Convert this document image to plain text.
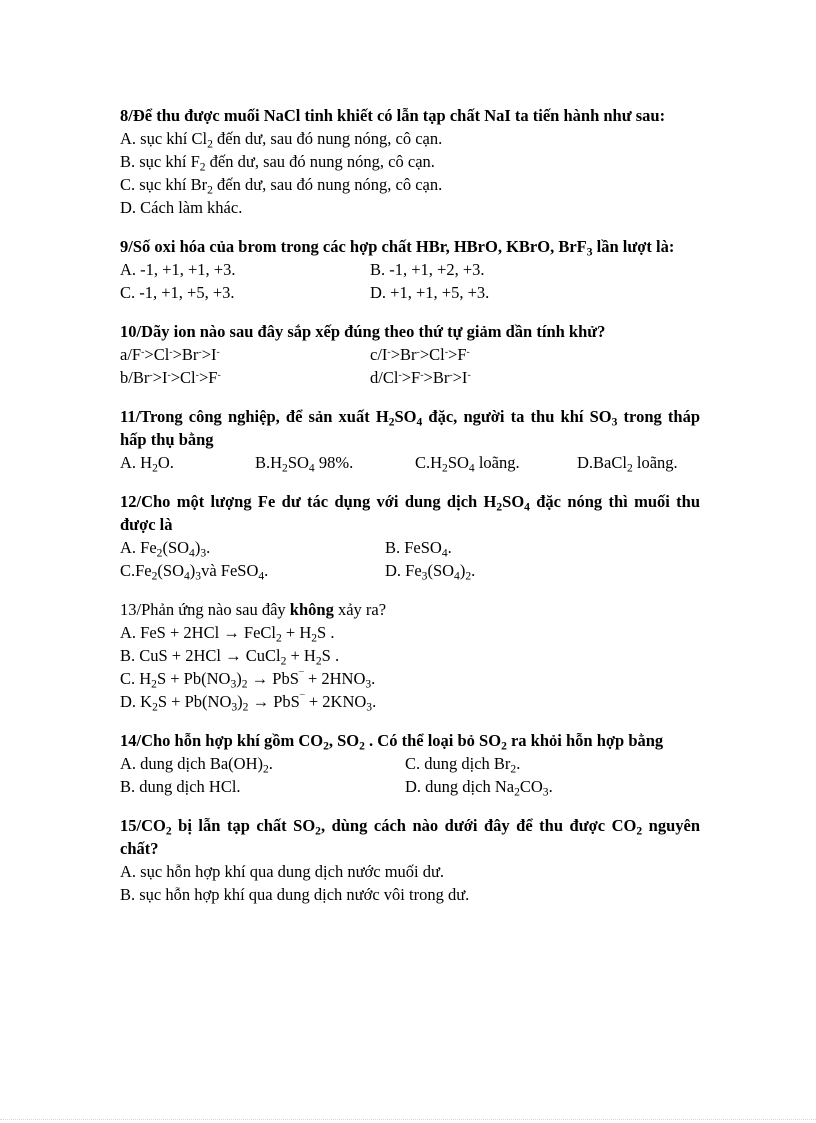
8/Để thu được muối NaCl tinh khiết có lẫn tạp chất NaI ta tiến hành như sau:
A. sục khí $Cl_2$ đến dư, sau đó nung nóng, cô cạn.
B. sục khí $F_2$ đến dư, sau đó nung nóng, cô cạn.
C. sục khí $Br_2$ đến dư, sau đó nung nóng, cô cạn.
D. Cách làm khác.
9/Số oxi hóa của brom trong các hợp chất HBr, HBrO, KBrO, BrF$_3$ lần lượt là:
A. -1, +1, +1, +3.	B. -1, +1, +2, +3.
C. -1, +1, +5, +3.	D. +1, +1, +5, +3.
10/Dãy ion nào sau đây sắp xếp đúng theo thứ tự giảm dần tính khử?
a/F->Cl->Br->I-	c/I->Br->Cl->F-
b/Br->I->Cl->F-	d/Cl->F->Br->I-
11/Trong công nghiệp, để sản xuất $H_2SO_4$ đặc, người ta thu khí $SO_3$ trong tháp hấp thụ bằng
A. $H_2O$.	$B.H_2SO_4$ 98%.	$C.H_2SO_4$ loãng.	D.BaCl$_2$ loãng.
12/Cho một lượng Fe dư tác dụng với dung dịch $H_2SO_4$ đặc nóng thì muối thu được là
A. $Fe_2(SO_4)_3$.	B. FeSO$_4$.
$C.Fe_2(SO_4)_3và$ FeSO$_4$.	D. $Fe_3(SO_4)_2$.
13/Phản ứng nào sau đây không xảy ra?
A. FeS + 2HCl → FeCl$_2$ + $H_2S$ .
B. CuS + 2HCl → CuCl$_2$ + $H_2S$ .
C. $H_2S + Pb(NO_3)_2 \to PbS^¯ + 2HNO_3$.
D. $K_2S + Pb(NO_3)_2 \to PbS^¯ + 2KNO_3$.
14/Cho hỗn hợp khí gồm $CO_2$, $SO_2$ . Có thể loại bỏ $SO_2$ ra khỏi hỗn hợp bằng
A. dung dịch $Ba(OH)_2$.	C. dung dịch $Br_2$.
B. dung dịch HCl.	D. dung dịch $Na_2CO_3$.
$15/CO_2$ bị lẫn tạp chất $SO_2$, dùng cách nào dưới đây để thu được $CO_2$ nguyên chất?
A. sục hỗn hợp khí qua dung dịch nước muối dư.
B. sục hỗn hợp khí qua dung dịch nước vôi trong dư.
